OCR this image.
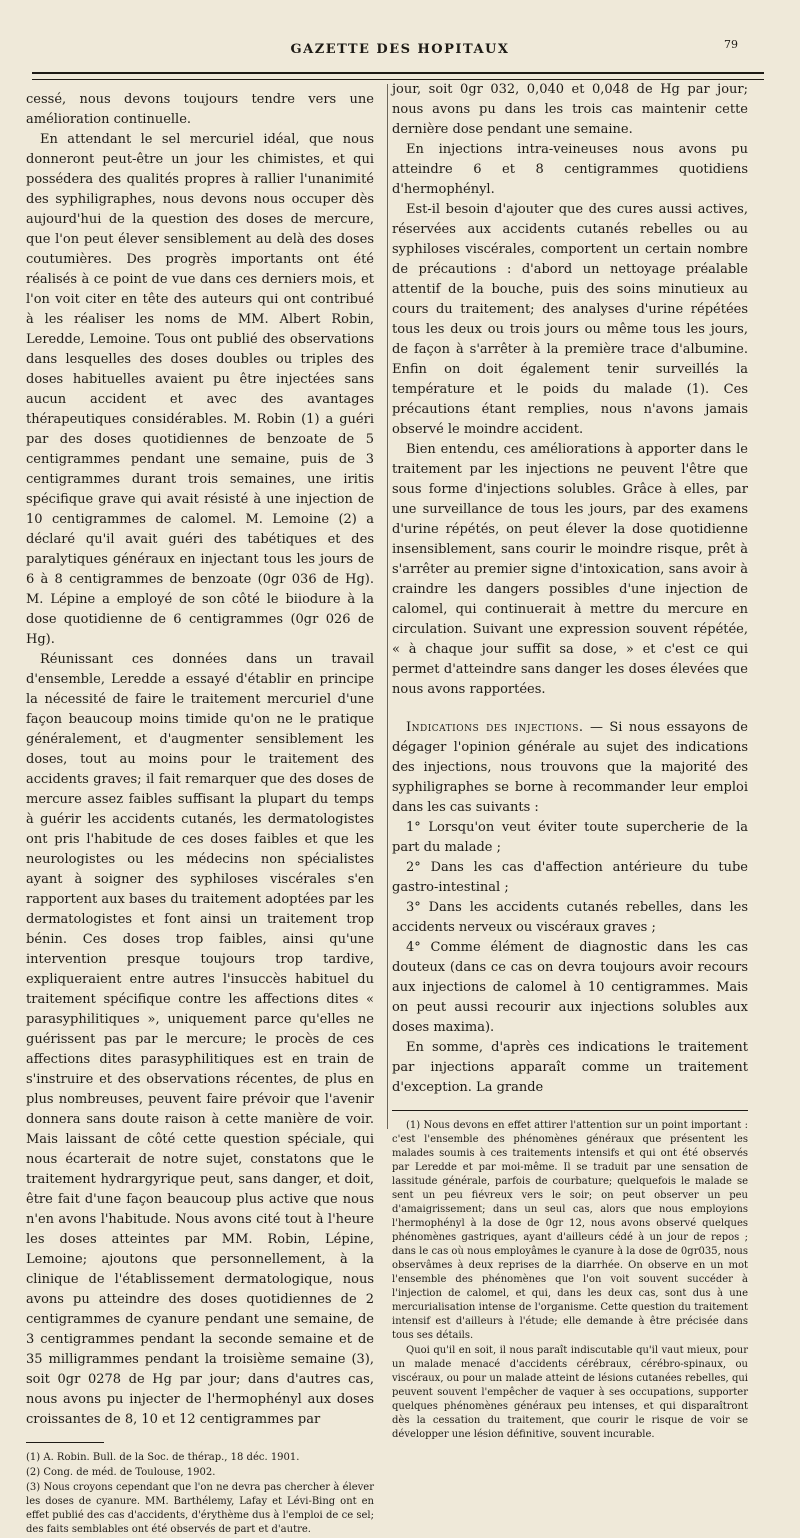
GAZETTE DES HOPITAUX	79

cessé, nous devons toujours tendre vers une amélioration continuelle.

En attendant le sel mercuriel idéal, que nous donneront peut-être un jour les chimistes, et qui possédera des qualités propres à rallier l'unanimité des syphiligraphes, nous devons nous occuper dès aujourd'hui de la question des doses de mercure, que l'on peut élever sensiblement au delà des doses coutumières. Des progrès importants ont été réalisés à ce point de vue dans ces derniers mois, et l'on voit citer en tête des auteurs qui ont contribué à les réaliser les noms de MM. Albert Robin, Leredde, Lemoine. Tous ont publié des observations dans lesquelles des doses doubles ou triples des doses habituelles avaient pu être injectées sans aucun accident et avec des avantages thérapeutiques considérables. M. Robin (1) a guéri par des doses quotidiennes de benzoate de 5 centigrammes pendant une semaine, puis de 3 centigrammes durant trois semaines, une iritis spécifique grave qui avait résisté à une injection de 10 centigrammes de calomel. M. Lemoine (2) a déclaré qu'il avait guéri des tabétiques et des paralytiques généraux en injectant tous les jours de 6 à 8 centigrammes de benzoate (0gr 036 de Hg). M. Lépine a employé de son côté le biiodure à la dose quotidienne de 6 centigrammes (0gr 026 de Hg).

Réunissant ces données dans un travail d'ensemble, Leredde a essayé d'établir en principe la nécessité de faire le traitement mercuriel d'une façon beaucoup moins timide qu'on ne le pratique généralement, et d'augmenter sensiblement les doses, tout au moins pour le traitement des accidents graves; il fait remarquer que des doses de mercure assez faibles suffisant la plupart du temps à guérir les accidents cutanés, les dermatologistes ont pris l'habitude de ces doses faibles et que les neurologistes ou les médecins non spécialistes ayant à soigner des syphiloses viscérales s'en rapportent aux bases du traitement adoptées par les dermatologistes et font ainsi un traitement trop bénin. Ces doses trop faibles, ainsi qu'une intervention presque toujours trop tardive, expliqueraient entre autres l'insuccès habituel du traitement spécifique contre les affections dites « parasyphilitiques », uniquement parce qu'elles ne guérissent pas par le mercure; le procès de ces affections dites parasyphilitiques est en train de s'instruire et des observations récentes, de plus en plus nombreuses, peuvent faire prévoir que l'avenir donnera sans doute raison à cette manière de voir. Mais laissant de côté cette question spéciale, qui nous écarterait de notre sujet, constatons que le traitement hydrargyrique peut, sans danger, et doit, être fait d'une façon beaucoup plus active que nous n'en avons l'habitude. Nous avons cité tout à l'heure les doses atteintes par MM. Robin, Lépine, Lemoine; ajoutons que personnellement, à la clinique de l'établissement dermatologique, nous avons pu atteindre des doses quotidiennes de 2 centigrammes de cyanure pendant une semaine, de 3 centigrammes pendant la seconde semaine et de 35 milligrammes pendant la troisième semaine (3), soit 0gr 0278 de Hg par jour; dans d'autres cas, nous avons pu injecter de l'hermophényl aux doses croissantes de 8, 10 et 12 centigrammes par

(1) A. Robin. Bull. de la Soc. de thérap., 18 déc. 1901.

(2) Cong. de méd. de Toulouse, 1902.

(3) Nous croyons cependant que l'on ne devra pas chercher à élever les doses de cyanure. MM. Barthélemy, Lafay et Lévi-Bing ont en effet publié des cas d'accidents, d'érythème dus à l'emploi de ce sel; des faits semblables ont été observés de part et d'autre.

jour, soit 0gr 032, 0,040 et 0,048 de Hg par jour; nous avons pu dans les trois cas maintenir cette dernière dose pendant une semaine.

En injections intra-veineuses nous avons pu atteindre 6 et 8 centigrammes quotidiens d'hermophényl.

Est-il besoin d'ajouter que des cures aussi actives, réservées aux accidents cutanés rebelles ou au syphiloses viscérales, comportent un certain nombre de précautions : d'abord un nettoyage préalable attentif de la bouche, puis des soins minutieux au cours du traitement; des analyses d'urine répétées tous les deux ou trois jours ou même tous les jours, de façon à s'arrêter à la première trace d'albumine. Enfin on doit également tenir surveillés la température et le poids du malade (1). Ces précautions étant remplies, nous n'avons jamais observé le moindre accident.

Bien entendu, ces améliorations à apporter dans le traitement par les injections ne peuvent l'être que sous forme d'injections solubles. Grâce à elles, par une surveillance de tous les jours, par des examens d'urine répétés, on peut élever la dose quotidienne insensiblement, sans courir le moindre risque, prêt à s'arrêter au premier signe d'intoxication, sans avoir à craindre les dangers possibles d'une injection de calomel, qui continuerait à mettre du mercure en circulation. Suivant une expression souvent répétée, « à chaque jour suffit sa dose, » et c'est ce qui permet d'atteindre sans danger les doses élevées que nous avons rapportées.

Indications des injections. — Si nous essayons de dégager l'opinion générale au sujet des indications des injections, nous trouvons que la majorité des syphiligraphes se borne à recommander leur emploi dans les cas suivants :

1° Lorsqu'on veut éviter toute supercherie de la part du malade ;

2° Dans les cas d'affection antérieure du tube gastro-intestinal ;

3° Dans les accidents cutanés rebelles, dans les accidents nerveux ou viscéraux graves ;

4° Comme élément de diagnostic dans les cas douteux (dans ce cas on devra toujours avoir recours aux injections de calomel à 10 centigrammes. Mais on peut aussi recourir aux injections solubles aux doses maxima).

En somme, d'après ces indications le traitement par injections apparaît comme un traitement d'exception. La grande

(1) Nous devons en effet attirer l'attention sur un point important : c'est l'ensemble des phénomènes généraux que présentent les malades soumis à ces traitements intensifs et qui ont été observés par Leredde et par moi-même. Il se traduit par une sensation de lassitude générale, parfois de courbature; quelquefois le malade se sent un peu fiévreux vers le soir; on peut observer un peu d'amaigrissement; dans un seul cas, alors que nous employions l'hermophényl à la dose de 0gr 12, nous avons observé quelques phénomènes gastriques, ayant d'ailleurs cédé à un jour de repos ; dans le cas où nous employâmes le cyanure à la dose de 0gr035, nous observâmes à deux reprises de la diarrhée. On observe en un mot l'ensemble des phénomènes que l'on voit souvent succéder à l'injection de calomel, et qui, dans les deux cas, sont dus à une mercurialisation intense de l'organisme. Cette question du traitement intensif est d'ailleurs à l'étude; elle demande à être précisée dans tous ses détails.

Quoi qu'il en soit, il nous paraît indiscutable qu'il vaut mieux, pour un malade menacé d'accidents cérébraux, cérébro-spinaux, ou viscéraux, ou pour un malade atteint de lésions cutanées rebelles, qui peuvent souvent l'empêcher de vaquer à ses occupations, supporter quelques phénomènes généraux peu intenses, et qui disparaîtront dès la cessation du traitement, que courir le risque de voir se développer une lésion définitive, souvent incurable.
